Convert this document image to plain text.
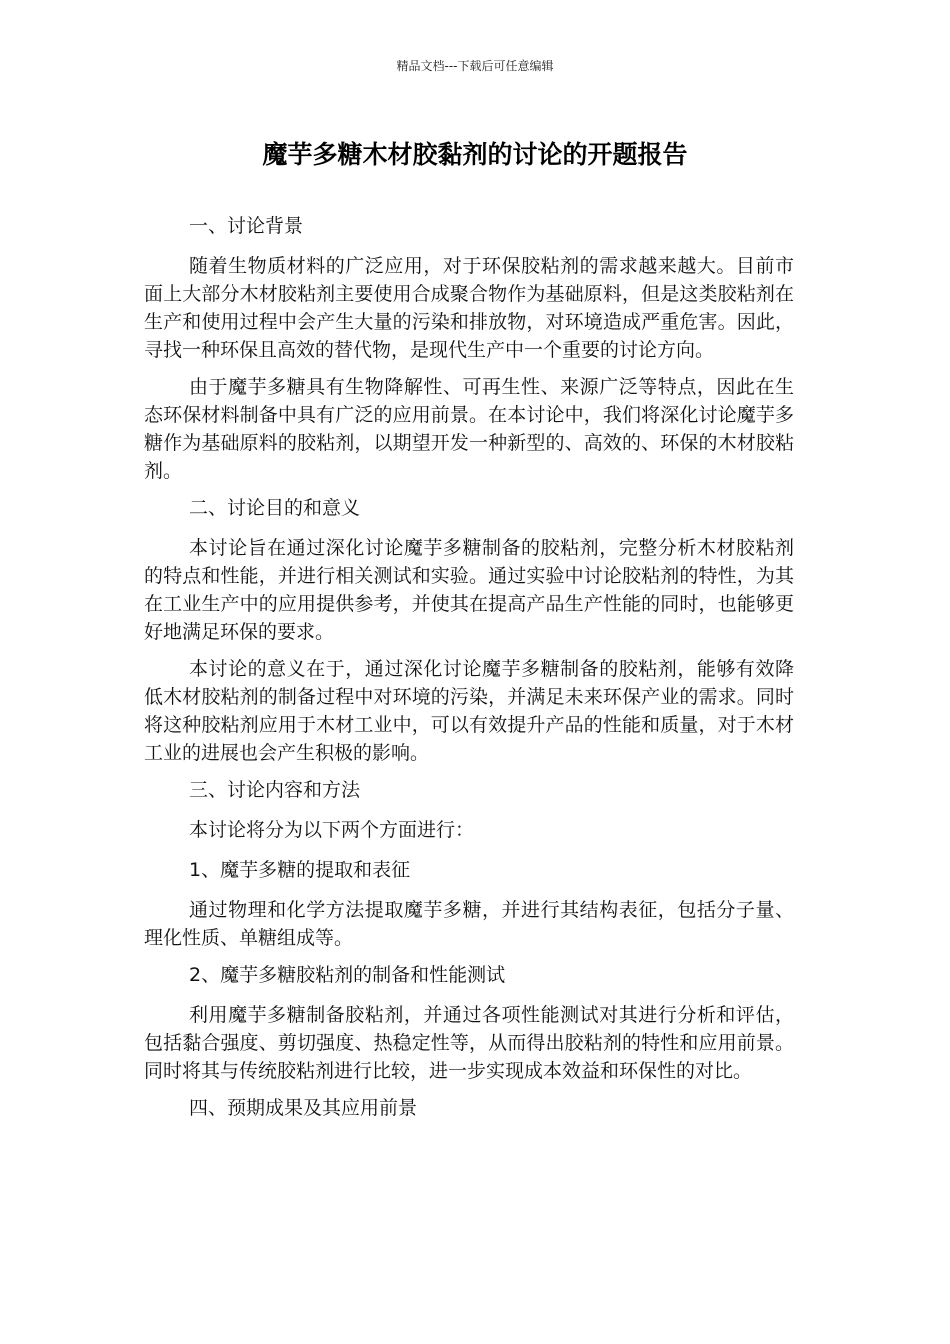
精品文档---下载后可任意编辑
魔芋多糖木材胶黏剂的讨论的开题报告

一、讨论背景

随着生物质材料的广泛应用，对于环保胶粘剂的需求越来越大。目前市面上大部分木材胶粘剂主要使用合成聚合物作为基础原料，但是这类胶粘剂在生产和使用过程中会产生大量的污染和排放物，对环境造成严重危害。因此，寻找一种环保且高效的替代物，是现代生产中一个重要的讨论方向。

由于魔芋多糖具有生物降解性、可再生性、来源广泛等特点，因此在生态环保材料制备中具有广泛的应用前景。在本讨论中，我们将深化讨论魔芋多糖作为基础原料的胶粘剂，以期望开发一种新型的、高效的、环保的木材胶粘剂。

二、讨论目的和意义

本讨论旨在通过深化讨论魔芋多糖制备的胶粘剂，完整分析木材胶粘剂的特点和性能，并进行相关测试和实验。通过实验中讨论胶粘剂的特性，为其在工业生产中的应用提供参考，并使其在提高产品生产性能的同时，也能够更好地满足环保的要求。

本讨论的意义在于，通过深化讨论魔芋多糖制备的胶粘剂，能够有效降低木材胶粘剂的制备过程中对环境的污染，并满足未来环保产业的需求。同时将这种胶粘剂应用于木材工业中，可以有效提升产品的性能和质量，对于木材工业的进展也会产生积极的影响。

三、讨论内容和方法

本讨论将分为以下两个方面进行：

1、魔芋多糖的提取和表征

通过物理和化学方法提取魔芋多糖，并进行其结构表征，包括分子量、理化性质、单糖组成等。

2、魔芋多糖胶粘剂的制备和性能测试

利用魔芋多糖制备胶粘剂，并通过各项性能测试对其进行分析和评估，包括黏合强度、剪切强度、热稳定性等，从而得出胶粘剂的特性和应用前景。同时将其与传统胶粘剂进行比较，进一步实现成本效益和环保性的对比。

四、预期成果及其应用前景
